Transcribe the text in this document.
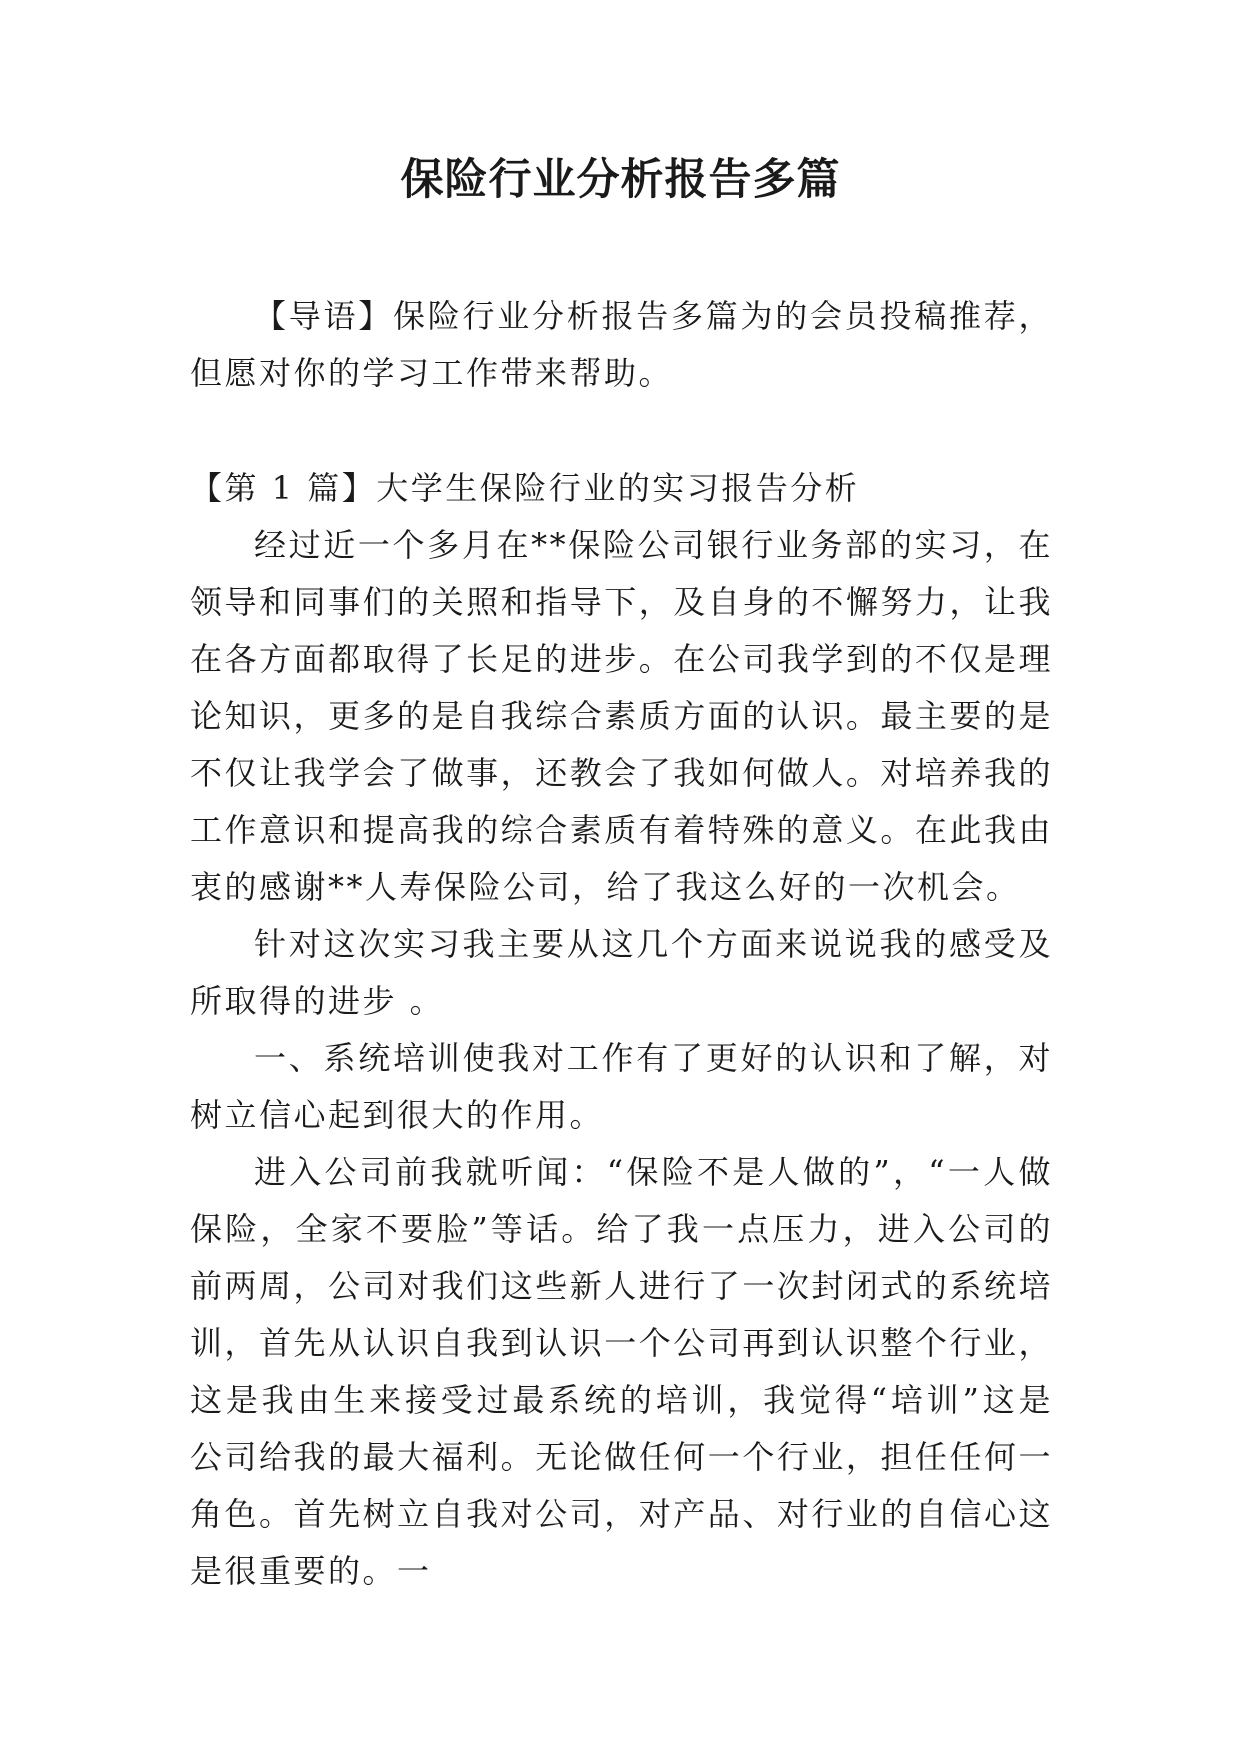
保险行业分析报告多篇

【导语】保险行业分析报告多篇为的会员投稿推荐，但愿对你的学习工作带来帮助。

【第 1 篇】大学生保险行业的实习报告分析

经过近一个多月在**保险公司银行业务部的实习，在领导和同事们的关照和指导下，及自身的不懈努力，让我在各方面都取得了长足的进步。在公司我学到的不仅是理论知识，更多的是自我综合素质方面的认识。最主要的是不仅让我学会了做事，还教会了我如何做人。对培养我的工作意识和提高我的综合素质有着特殊的意义。在此我由衷的感谢**人寿保险公司，给了我这么好的一次机会。

针对这次实习我主要从这几个方面来说说我的感受及所取得的进步 。

一、系统培训使我对工作有了更好的认识和了解，对树立信心起到很大的作用。

进入公司前我就听闻：“保险不是人做的”，“一人做保险，全家不要脸”等话。给了我一点压力，进入公司的前两周，公司对我们这些新人进行了一次封闭式的系统培训，首先从认识自我到认识一个公司再到认识整个行业，这是我由生来接受过最系统的培训，我觉得“培训”这是公司给我的最大福利。无论做任何一个行业，担任任何一角色。首先树立自我对公司，对产品、对行业的自信心这是很重要的。一
